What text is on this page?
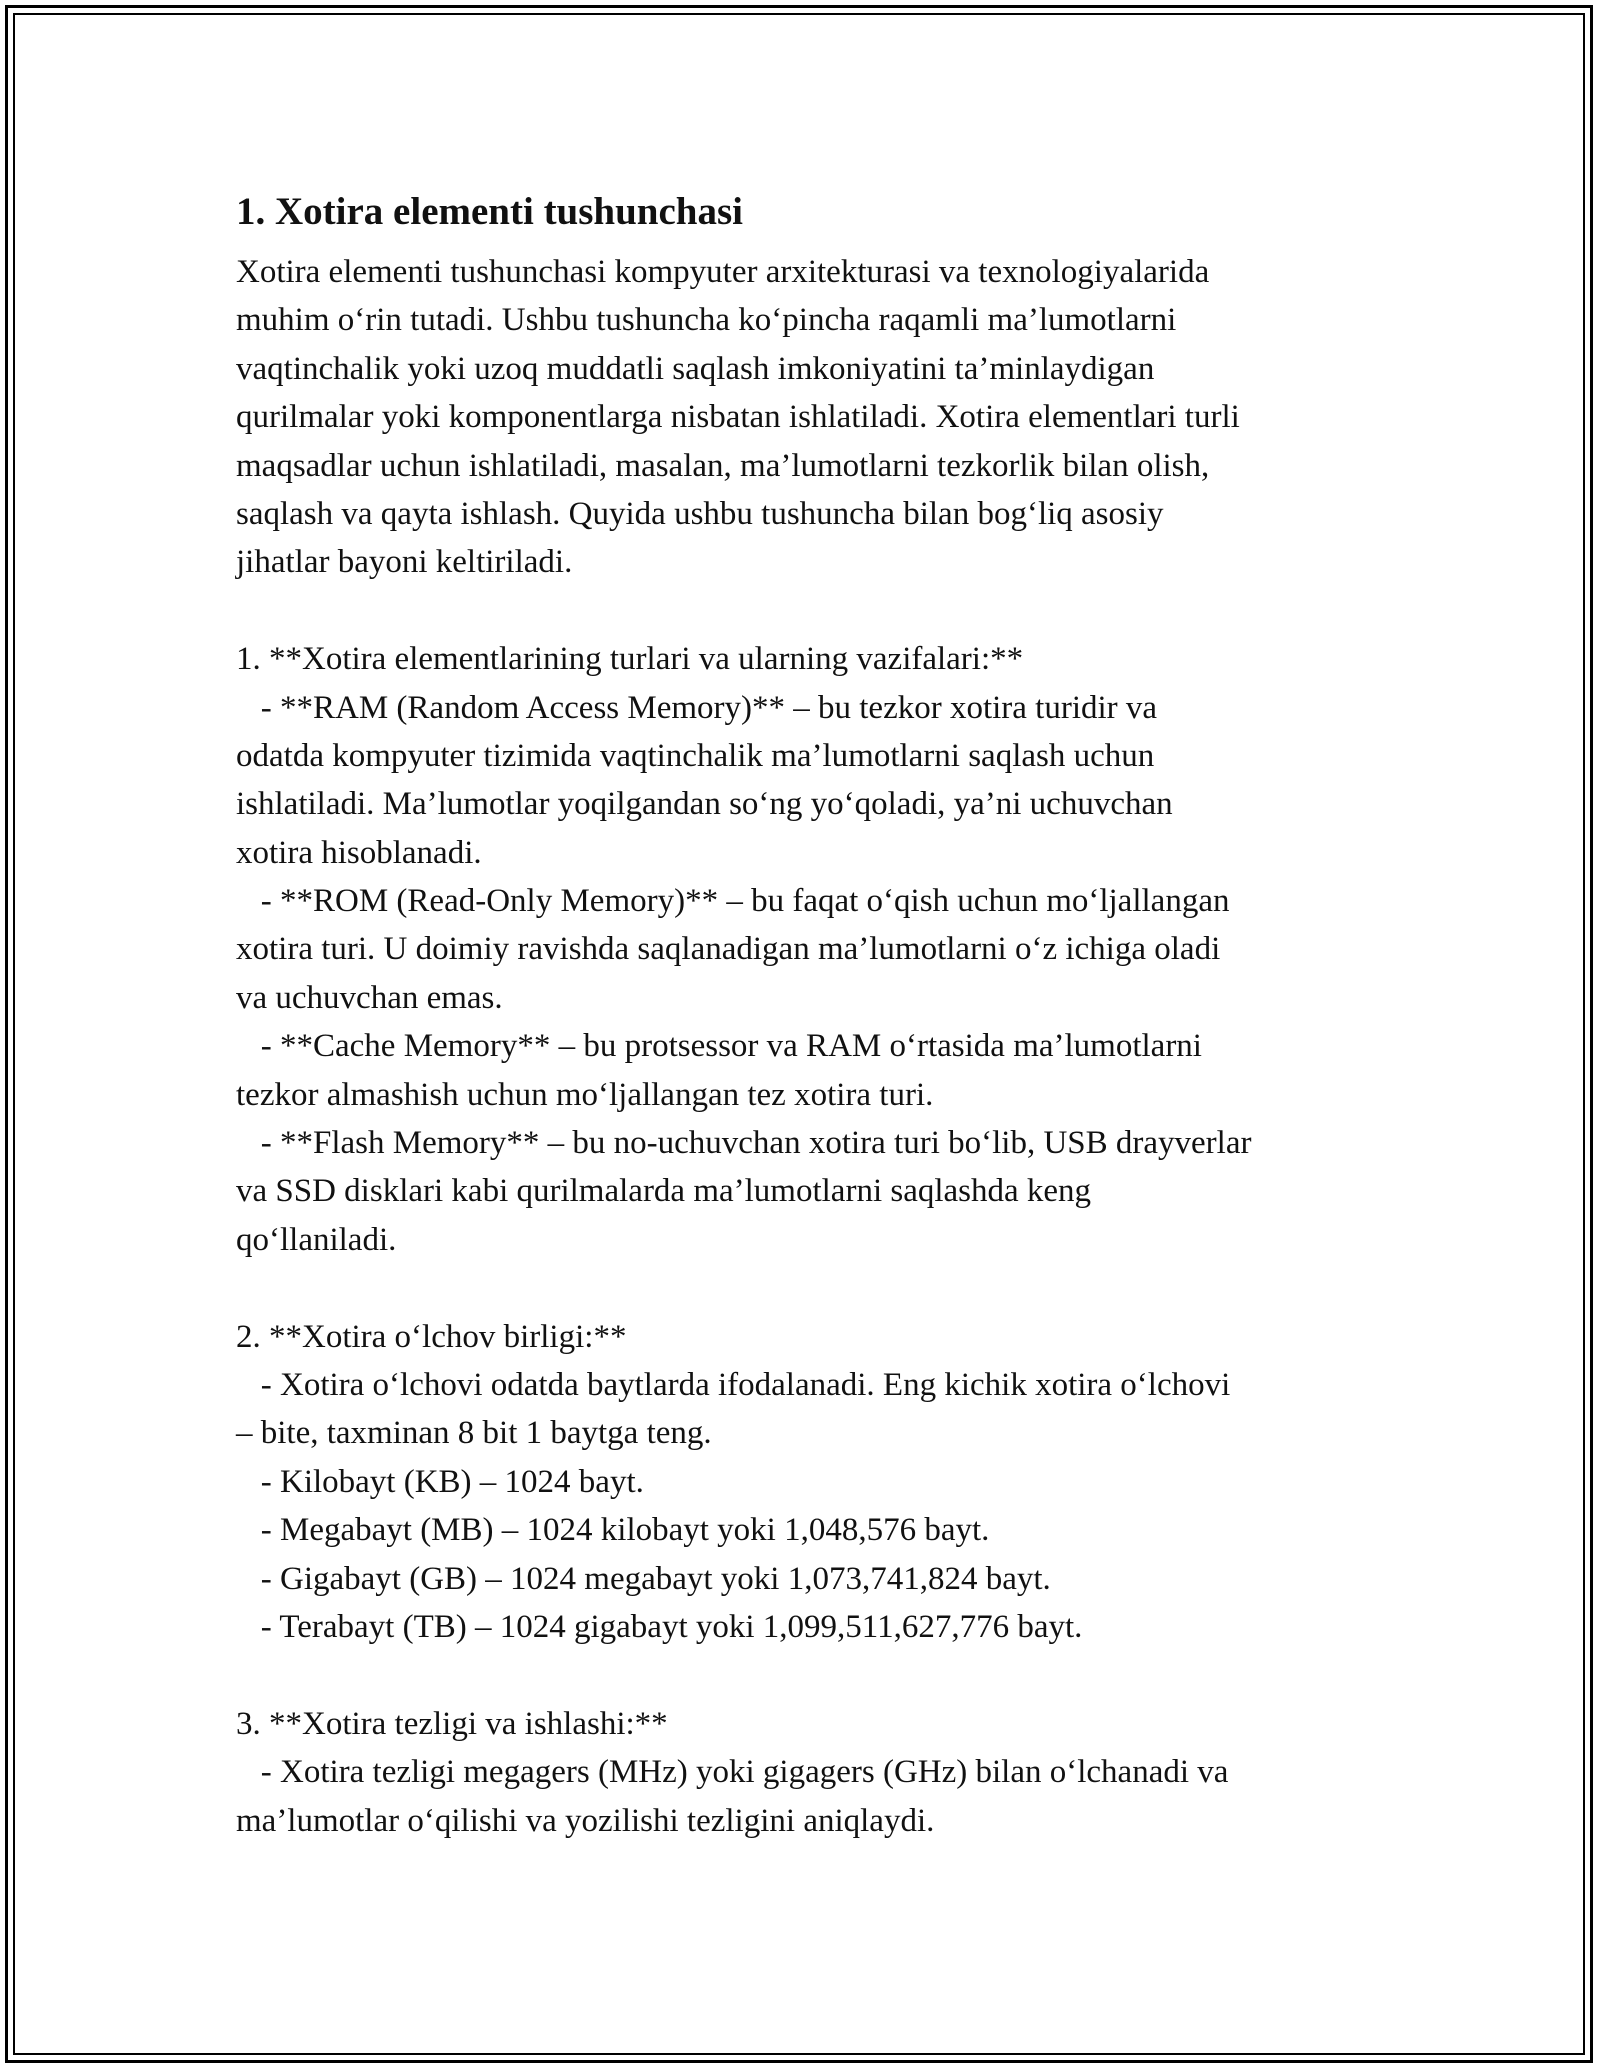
1. Xotira elementi tushunchasi
Xotira elementi tushunchasi kompyuter arxitekturasi va texnologiyalarida
muhim o‘rin tutadi. Ushbu tushuncha ko‘pincha raqamli ma’lumotlarni
vaqtinchalik yoki uzoq muddatli saqlash imkoniyatini ta’minlaydigan
qurilmalar yoki komponentlarga nisbatan ishlatiladi. Xotira elementlari turli
maqsadlar uchun ishlatiladi, masalan, ma’lumotlarni tezkorlik bilan olish,
saqlash va qayta ishlash. Quyida ushbu tushuncha bilan bog‘liq asosiy
jihatlar bayoni keltiriladi.
1. **Xotira elementlarining turlari va ularning vazifalari:**
- **RAM (Random Access Memory)** – bu tezkor xotira turidir va
odatda kompyuter tizimida vaqtinchalik ma’lumotlarni saqlash uchun
ishlatiladi. Ma’lumotlar yoqilgandan so‘ng yo‘qoladi, ya’ni uchuvchan
xotira hisoblanadi.
- **ROM (Read-Only Memory)** – bu faqat o‘qish uchun mo‘ljallangan
xotira turi. U doimiy ravishda saqlanadigan ma’lumotlarni o‘z ichiga oladi
va uchuvchan emas.
- **Cache Memory** – bu protsessor va RAM o‘rtasida ma’lumotlarni
tezkor almashish uchun mo‘ljallangan tez xotira turi.
- **Flash Memory** – bu no-uchuvchan xotira turi bo‘lib, USB drayverlar
va SSD disklari kabi qurilmalarda ma’lumotlarni saqlashda keng
qo‘llaniladi.
2. **Xotira o‘lchov birligi:**
- Xotira o‘lchovi odatda baytlarda ifodalanadi. Eng kichik xotira o‘lchovi
– bite, taxminan 8 bit 1 baytga teng.
- Kilobayt (KB) – 1024 bayt.
- Megabayt (MB) – 1024 kilobayt yoki 1,048,576 bayt.
- Gigabayt (GB) – 1024 megabayt yoki 1,073,741,824 bayt.
- Terabayt (TB) – 1024 gigabayt yoki 1,099,511,627,776 bayt.
3. **Xotira tezligi va ishlashi:**
- Xotira tezligi megagers (MHz) yoki gigagers (GHz) bilan o‘lchanadi va
ma’lumotlar o‘qilishi va yozilishi tezligini aniqlaydi.
